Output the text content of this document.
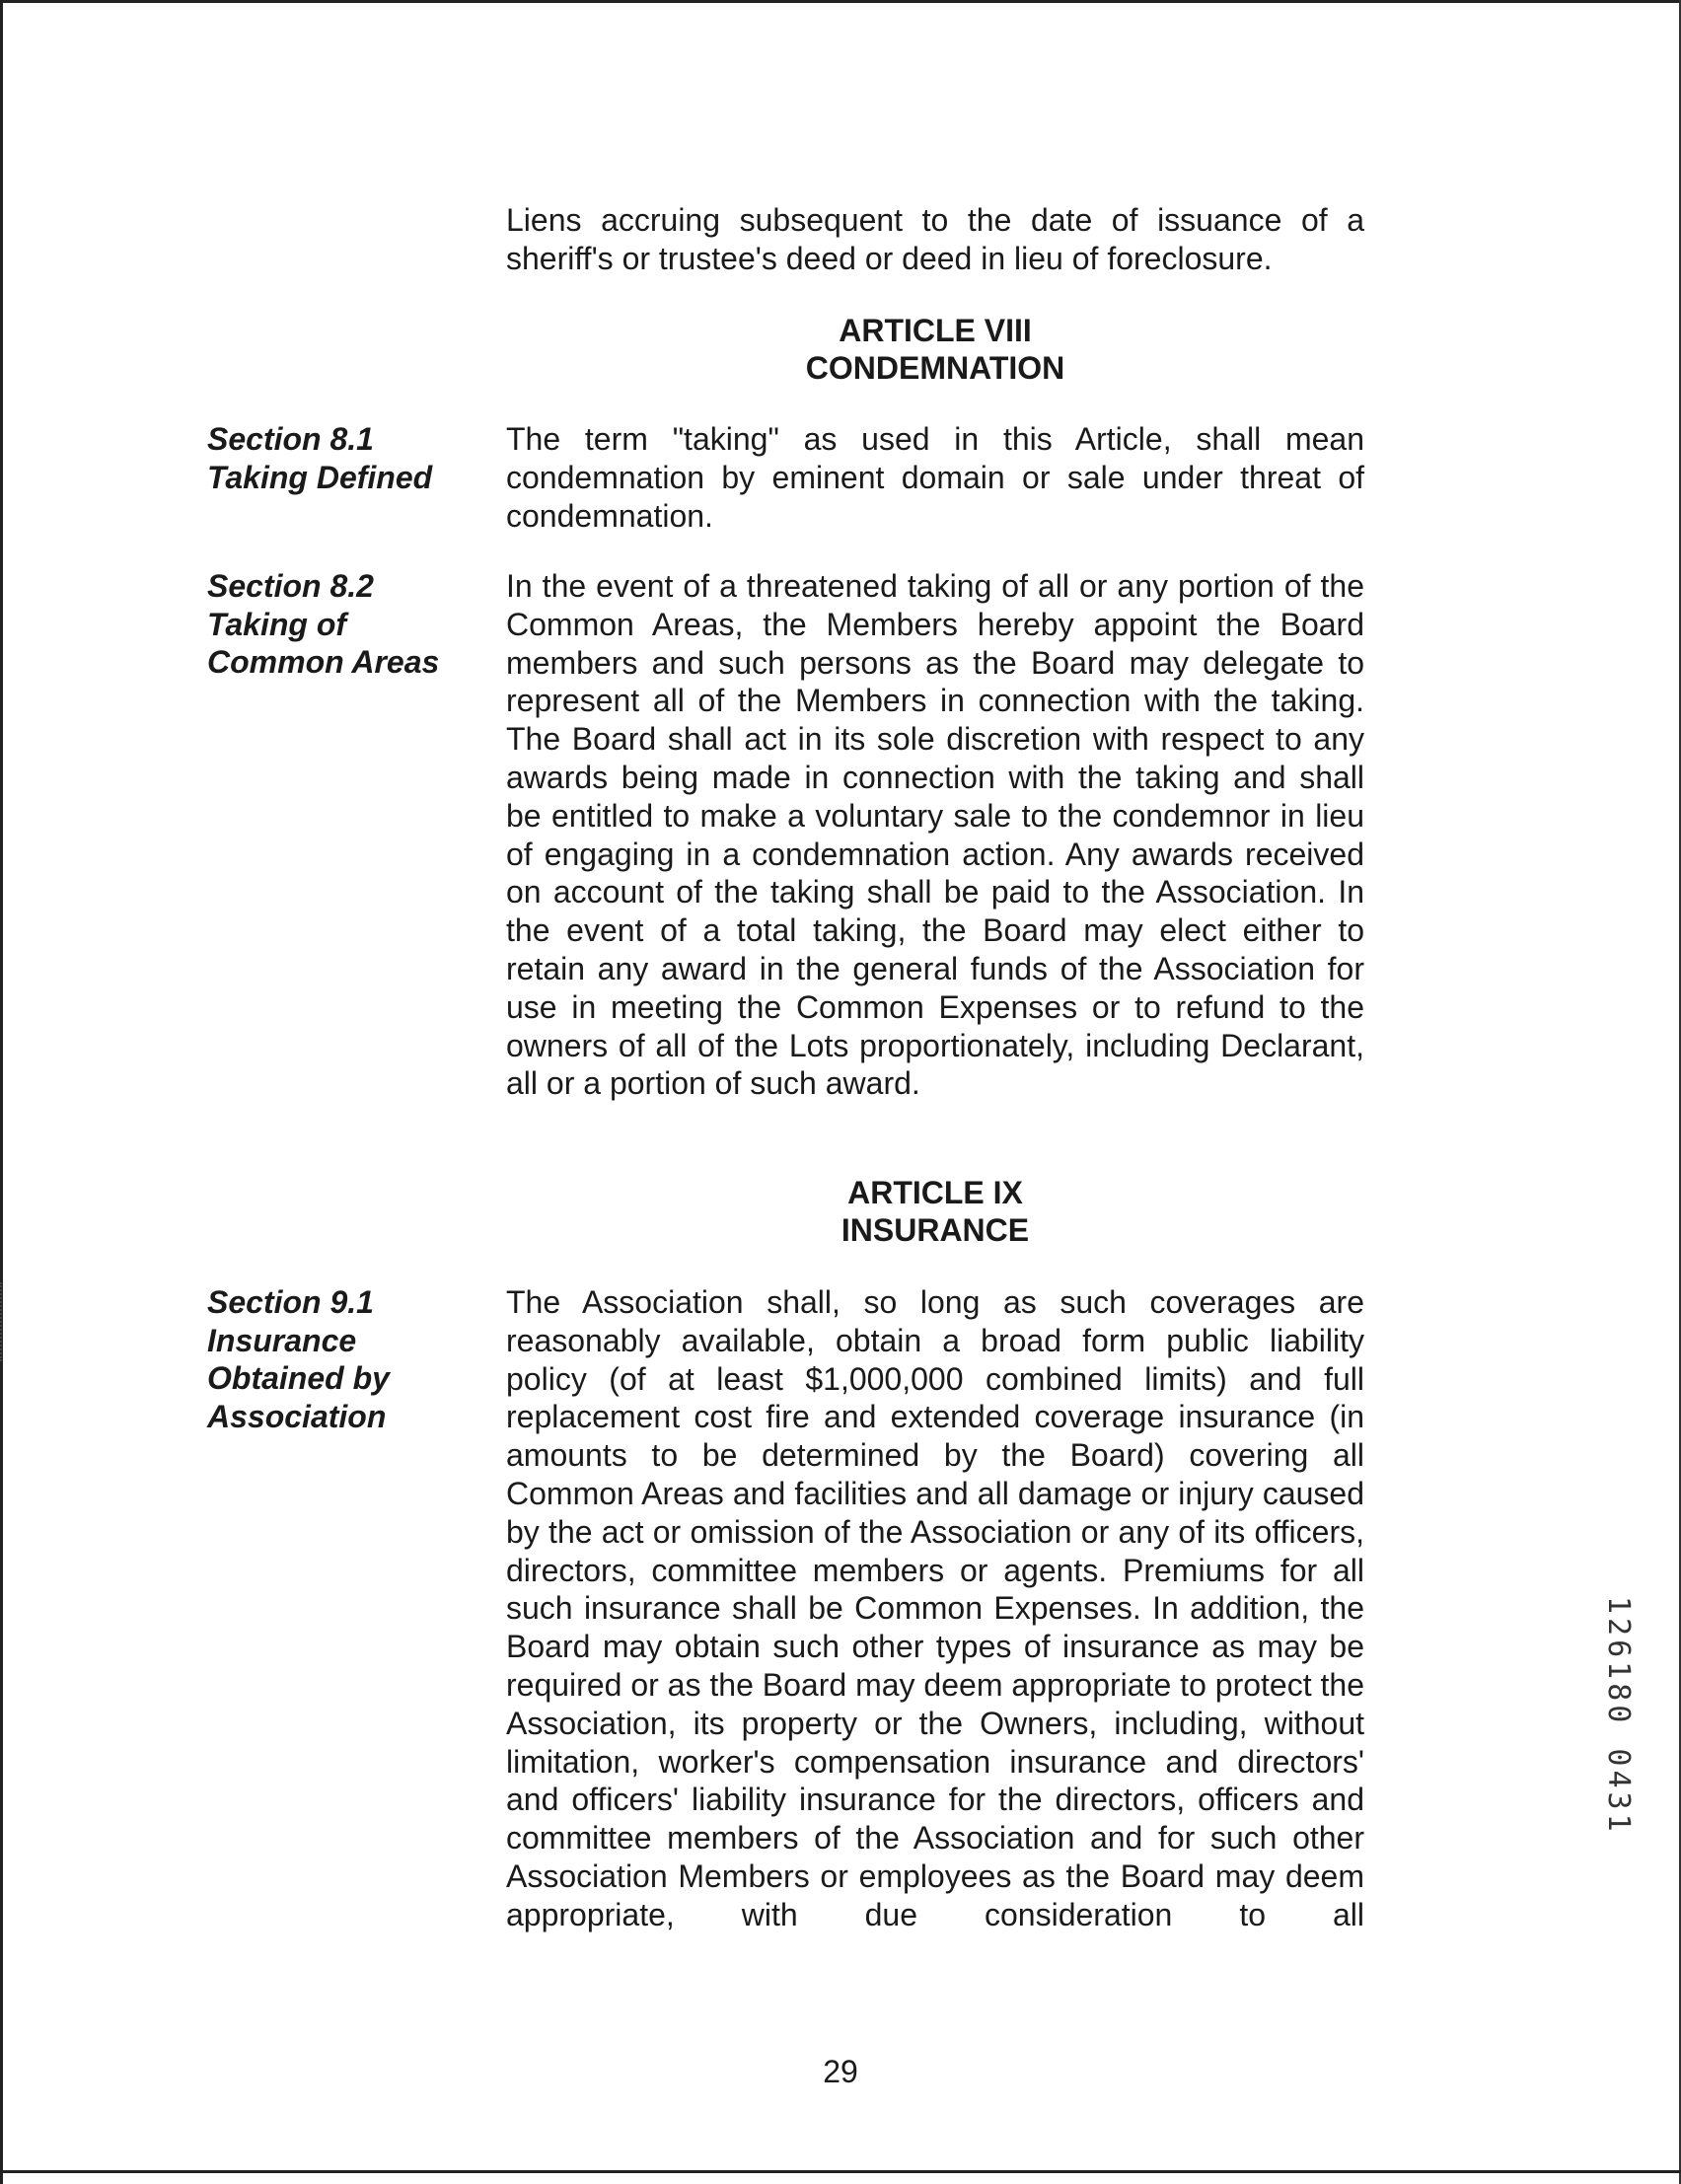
Liens accruing subsequent to the date of issuance of a sheriff's or trustee's deed or deed in lieu of foreclosure.

ARTICLE VIII
CONDEMNATION
Section 8.1
Taking Defined

The term "taking" as used in this Article, shall mean condemnation by eminent domain or sale under threat of condemnation.

Section 8.2
Taking of
Common Areas

In the event of a threatened taking of all or any portion of the Common Areas, the Members hereby appoint the Board members and such persons as the Board may delegate to represent all of the Members in connection with the taking. The Board shall act in its sole discretion with respect to any awards being made in connection with the taking and shall be entitled to make a voluntary sale to the condemnor in lieu of engaging in a condemnation action. Any awards received on account of the taking shall be paid to the Association. In the event of a total taking, the Board may elect either to retain any award in the general funds of the Association for use in meeting the Common Expenses or to refund to the owners of all of the Lots proportionately, including Declarant, all or a portion of such award.

ARTICLE IX
INSURANCE
Section 9.1
Insurance
Obtained by
Association

The Association shall, so long as such coverages are reasonably available, obtain a broad form public liability policy (of at least $1,000,000 combined limits) and full replacement cost fire and extended coverage insurance (in amounts to be determined by the Board) covering all Common Areas and facilities and all damage or injury caused by the act or omission of the Association or any of its officers, directors, committee members or agents. Premiums for all such insurance shall be Common Expenses. In addition, the Board may obtain such other types of insurance as may be required or as the Board may deem appropriate to protect the Association, its property or the Owners, including, without limitation, worker's compensation insurance and directors' and officers' liability insurance for the directors, officers and committee members of the Association and for such other Association Members or employees as the Board may deem appropriate, with due consideration to all

126180 0431
29
